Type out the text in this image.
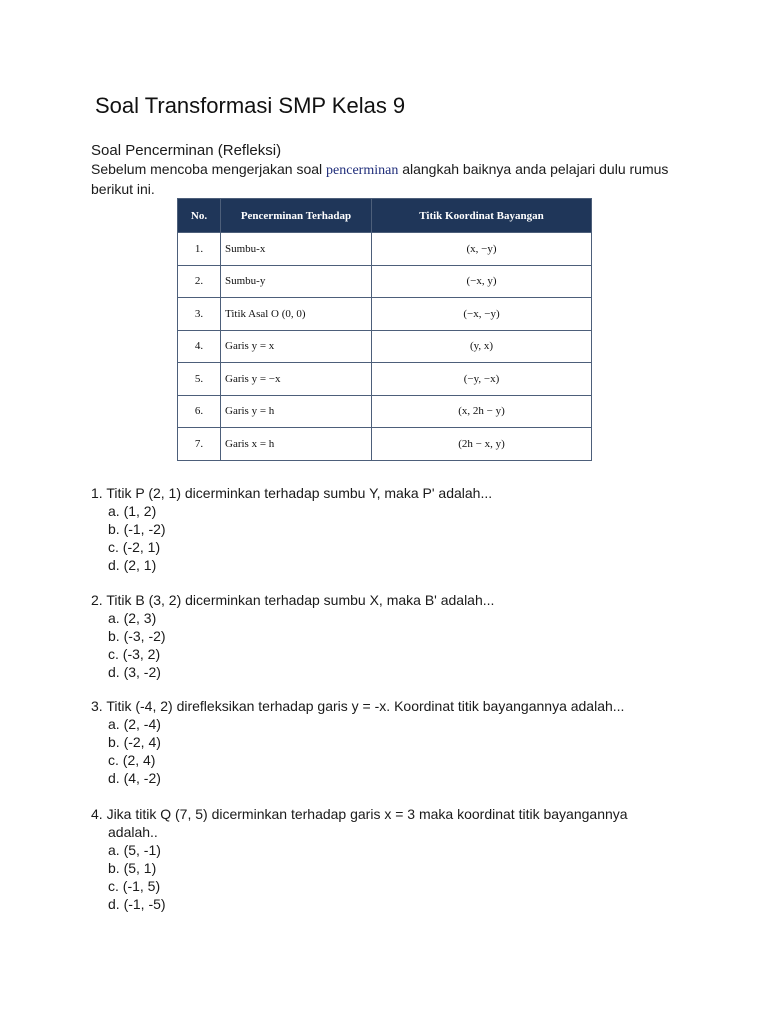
Soal Transformasi SMP Kelas 9
Soal Pencerminan (Refleksi)

Sebelum mencoba mengerjakan soal pencerminan alangkah baiknya anda pelajari dulu rumus berikut ini.

No.	Pencerminan Terhadap	Titik Koordinat Bayangan
1.	Sumbu-x	(x, −y)
2.	Sumbu-y	(−x, y)
3.	Titik Asal O (0, 0)	(−x, −y)
4.	Garis y = x	(y, x)
5.	Garis y = −x	(−y, −x)
6.	Garis y = h	(x, 2h − y)
7.	Garis x = h	(2h − x, y)
1. Titik P (2, 1) dicerminkan terhadap sumbu Y, maka P' adalah...
a. (1, 2)
b. (-1, -2)
c. (-2, 1)
d. (2, 1)
2. Titik B (3, 2) dicerminkan terhadap sumbu X, maka B' adalah...
a. (2, 3)
b. (-3, -2)
c. (-3, 2)
d. (3, -2)
3. Titik (-4, 2) direfleksikan terhadap garis y = -x. Koordinat titik bayangannya adalah...
a. (2, -4)
b. (-2, 4)
c. (2, 4)
d. (4, -2)
4. Jika titik Q (7, 5) dicerminkan terhadap garis x = 3 maka koordinat titik bayangannya
adalah..
a. (5, -1)
b. (5, 1)
c. (-1, 5)
d. (-1, -5)
